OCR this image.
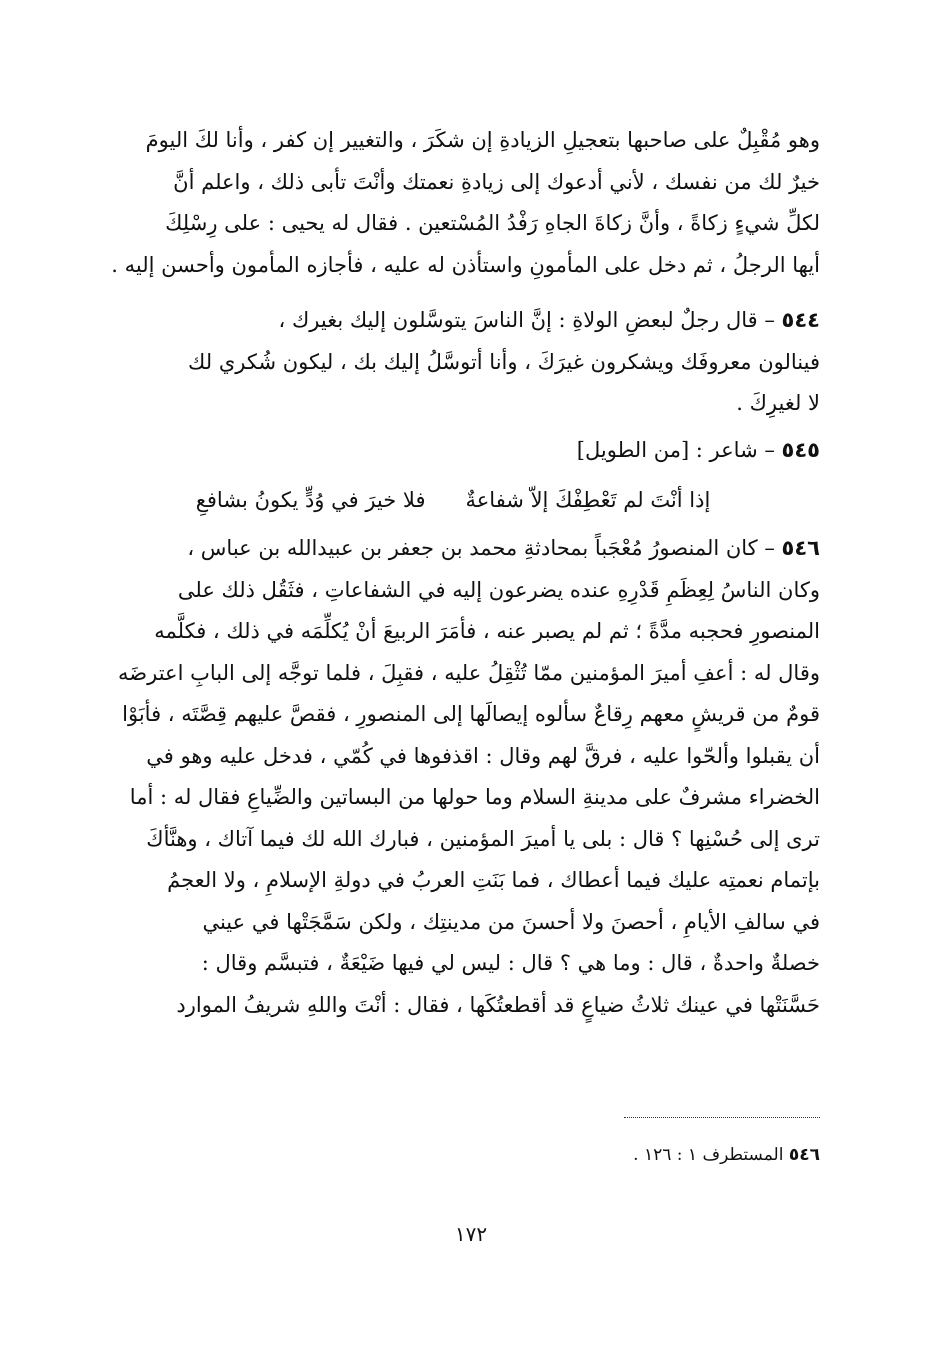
وهو مُقْبِلٌ على صاحبها بتعجيلِ الزيادةِ إن شكَرَ ، والتغيير إن كفر ، وأنا لكَ اليومَ

خيرٌ لك من نفسك ، لأني أدعوك إلى زيادةِ نعمتك وأنْتَ تأبى ذلك ، واعلم أنَّ

لكلِّ شيءٍ زكاةً ، وأنَّ زكاةَ الجاهِ رَفْدُ المُسْتعين . فقال له يحيى : على رِسْلِكَ

أيها الرجلُ ، ثم دخل على المأمونِ واستأذن له عليه ، فأجازه المأمون وأحسن إليه .

٥٤٤ – قال رجلٌ لبعضِ الولاةِ : إنَّ الناسَ يتوسَّلون إليك بغيرك ،

فينالون معروفَك ويشكرون غيرَكَ ، وأنا أتوسَّلُ إليك بك ، ليكون شُكري لك

لا لغيرِكَ .

٥٤٥ – شاعر : [من الطويل]
إذا أنْتَ لم تَعْطِفْكَ إلاّ شفاعةٌ
فلا خيرَ في وُدٍّ يكونُ بشافعِ

٥٤٦ – كان المنصورُ مُعْجَباً بمحادثةِ محمد بن جعفر بن عبيدالله بن عباس ،

وكان الناسُ لِعِظَمِ قَدْرِهِ عنده يضرعون إليه في الشفاعاتِ ، فثَقُل ذلك على

المنصورِ فحجبه مدَّةً ؛ ثم لم يصبر عنه ، فأمَرَ الربيعَ أنْ يُكلِّمَه في ذلك ، فكلَّمه

وقال له : أعفِ أميرَ المؤمنين ممّا تُثْقِلُ عليه ، فقبِلَ ، فلما توجَّه إلى البابِ اعترضَه

قومٌ من قريشٍ معهم رِقاعٌ سألوه إيصالَها إلى المنصورِ ، فقصَّ عليهم قِصَّتَه ، فأبَوْا

أن يقبلوا وألحّوا عليه ، فرقَّ لهم وقال : اقذفوها في كُمّي ، فدخل عليه وهو في

الخضراء مشرفٌ على مدينةِ السلام وما حولها من البساتين والضِّياعِ فقال له : أما

ترى إلى حُسْنِها ؟ قال : بلى يا أميرَ المؤمنين ، فبارك الله لك فيما آتاك ، وهنَّأكَ

بإتمام نعمتِه عليك فيما أعطاك ، فما بَنَتِ العربُ في دولةِ الإسلامِ ، ولا العجمُ

في سالفِ الأيامِ ، أحصنَ ولا أحسنَ من مدينتِك ، ولكن سَمَّجَتْها في عيني

خصلةٌ واحدةٌ ، قال : وما هي ؟ قال : ليس لي فيها ضَيْعَةٌ ، فتبسَّم وقال :

حَسَّنَتْها في عينك ثلاثُ ضياعٍ قد أقطعتُكَها ، فقال : أنْتَ واللهِ شريفُ الموارد

٥٤٦ المستطرف ١ : ١٢٦ .
١٧٢
